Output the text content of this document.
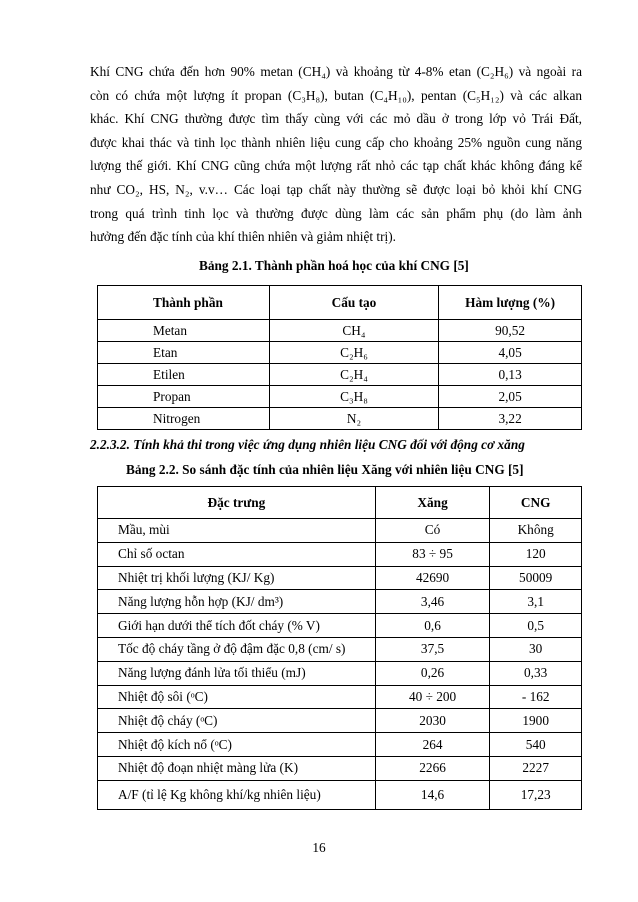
Khí CNG chứa đến hơn 90% metan (CH₄) và khoảng từ 4-8% etan (C₂H₆) và ngoài ra
còn có chứa một lượng ít propan (C₃H₈), butan (C₄H₁₀), pentan (C₅H₁₂) và các alkan
khác. Khí CNG thường được tìm thấy cùng với các mỏ dầu ở trong lớp vỏ Trái Đất,
được khai thác và tinh lọc thành nhiên liệu cung cấp cho khoảng 25% nguồn cung năng
lượng thế giới. Khí CNG cũng chứa một lượng rất nhỏ các tạp chất khác không đáng kể
như CO₂, HS, N₂, v.v… Các loại tạp chất này thường sẽ được loại bỏ khỏi khí CNG
trong quá trình tinh lọc và thường được dùng làm các sản phẩm phụ (do làm ảnh
hưởng đến đặc tính của khí thiên nhiên và giảm nhiệt trị).
Bảng 2.1. Thành phần hoá học của khí CNG [5]
Thành phần	Cấu tạo	Hàm lượng (%)
Metan	CH₄	90,52
Etan	C₂H₆	4,05
Etilen	C₂H₄	0,13
Propan	C₃H₈	2,05
Nitrogen	N₂	3,22
2.2.3.2. Tính khả thi trong việc ứng dụng nhiên liệu CNG đối với động cơ xăng
Bảng 2.2. So sánh đặc tính của nhiên liệu Xăng với nhiên liệu CNG [5]
Đặc trưng	Xăng	CNG
Mầu, mùi	Có	Không
Chỉ số octan	83 ÷ 95	120
Nhiệt trị khối lượng (KJ/ Kg)	42690	50009
Năng lượng hỗn hợp (KJ/ dm³)	3,46	3,1
Giới hạn dưới thể tích đốt cháy (% V)	0,6	0,5
Tốc độ cháy tầng ở độ đậm đặc 0,8 (cm/ s)	37,5	30
Năng lượng đánh lửa tối thiểu (mJ)	0,26	0,33
Nhiệt độ sôi (ᵒC)	40 ÷ 200	- 162
Nhiệt độ cháy (ᵒC)	2030	1900
Nhiệt độ kích nổ (ᵒC)	264	540
Nhiệt độ đoạn nhiệt màng lửa (K)	2266	2227
A/F (tỉ lệ Kg không khí/kg nhiên liệu)	14,6	17,23
16
